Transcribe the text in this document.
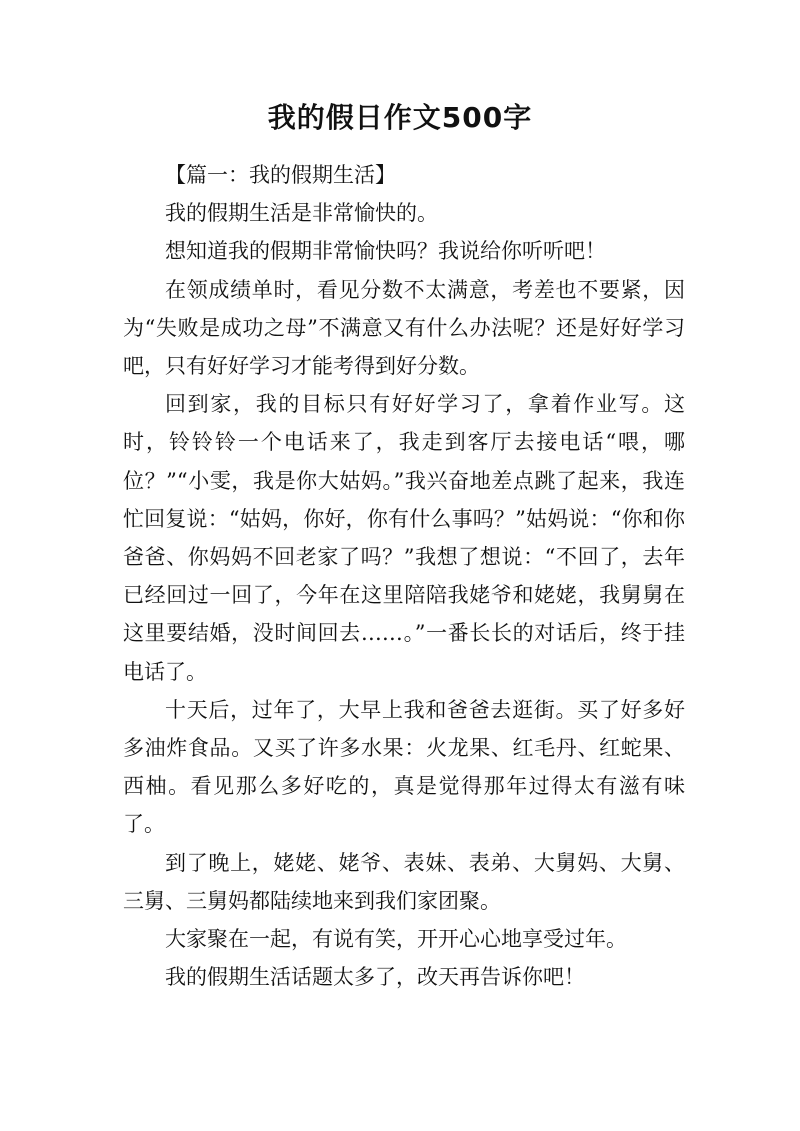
我的假日作文500字

【篇一：我的假期生活】

我的假期生活是非常愉快的。

想知道我的假期非常愉快吗？我说给你听听吧！

在领成绩单时，看见分数不太满意，考差也不要紧，因为“失败是成功之母”不满意又有什么办法呢？还是好好学习吧，只有好好学习才能考得到好分数。

回到家，我的目标只有好好学习了，拿着作业写。这时，铃铃铃一个电话来了，我走到客厅去接电话“喂，哪位？”“小雯，我是你大姑妈。”我兴奋地差点跳了起来，我连忙回复说：“姑妈，你好，你有什么事吗？”姑妈说：“你和你爸爸、你妈妈不回老家了吗？”我想了想说：“不回了，去年已经回过一回了，今年在这里陪陪我姥爷和姥姥，我舅舅在这里要结婚，没时间回去……。”一番长长的对话后，终于挂电话了。

十天后，过年了，大早上我和爸爸去逛街。买了好多好多油炸食品。又买了许多水果：火龙果、红毛丹、红蛇果、西柚。看见那么多好吃的，真是觉得那年过得太有滋有味了。

到了晚上，姥姥、姥爷、表妹、表弟、大舅妈、大舅、三舅、三舅妈都陆续地来到我们家团聚。

大家聚在一起，有说有笑，开开心心地享受过年。

我的假期生活话题太多了，改天再告诉你吧！
